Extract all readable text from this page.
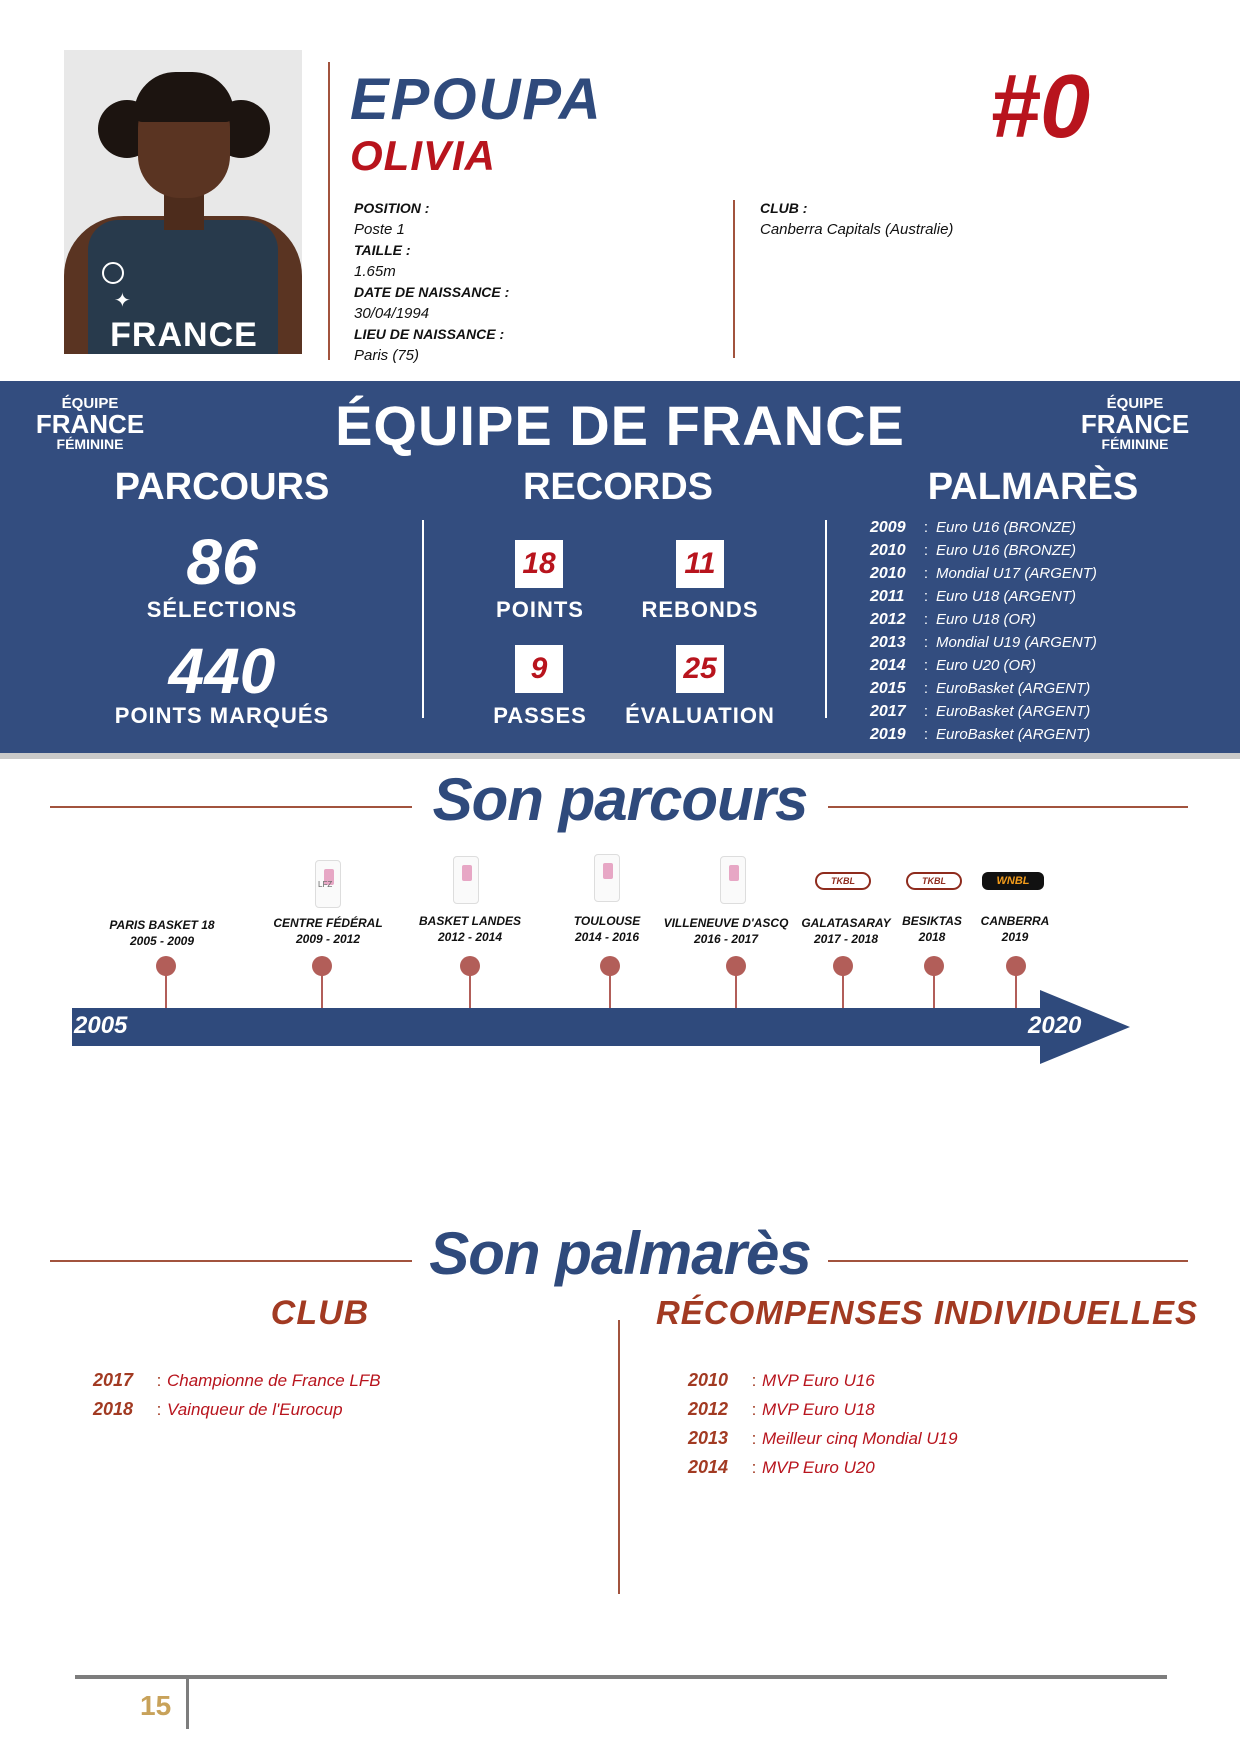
✦
FRANCE
EPOUPA
OLIVIA	#0
POSITION :
Poste 1
TAILLE :
1.65m
DATE DE NAISSANCE :
30/04/1994
LIEU DE NAISSANCE :
Paris (75)
CLUB :
Canberra Capitals (Australie)
ÉQUIPE
FRANCE
FÉMININE
ÉQUIPE
FRANCE
FÉMININE
ÉQUIPE DE FRANCE
PARCOURS	RECORDS	PALMARÈS
86
SÉLECTIONS
440
POINTS MARQUÉS
18
POINTS
11
REBONDS
9
PASSES
25
ÉVALUATION
2009 : Euro U16 (BRONZE)
2010 : Euro U16 (BRONZE)
2010 : Mondial U17 (ARGENT)
2011 : Euro U18 (ARGENT)
2012 : Euro U18 (OR)
2013 : Mondial U19 (ARGENT)
2014 : Euro U20 (OR)
2015 : EuroBasket (ARGENT)
2017 : EuroBasket (ARGENT)
2019 : EuroBasket (ARGENT)
Son parcours
LFZ	TKBL	TKBL	WNBL
PARIS BASKET 18
2005 - 2009
CENTRE FÉDÉRAL
2009 - 2012
BASKET LANDES
2012 - 2014
TOULOUSE
2014 - 2016
VILLENEUVE D'ASCQ
2016 - 2017
GALATASARAY
2017 - 2018
BESIKTAS
2018
CANBERRA
2019
2005	2020
Son palmarès
CLUB	RÉCOMPENSES INDIVIDUELLES
2017 : Championne de France LFB
2018 : Vainqueur de l'Eurocup
2010 : MVP Euro U16
2012 : MVP Euro U18
2013 : Meilleur cinq Mondial U19
2014 : MVP Euro U20
15
